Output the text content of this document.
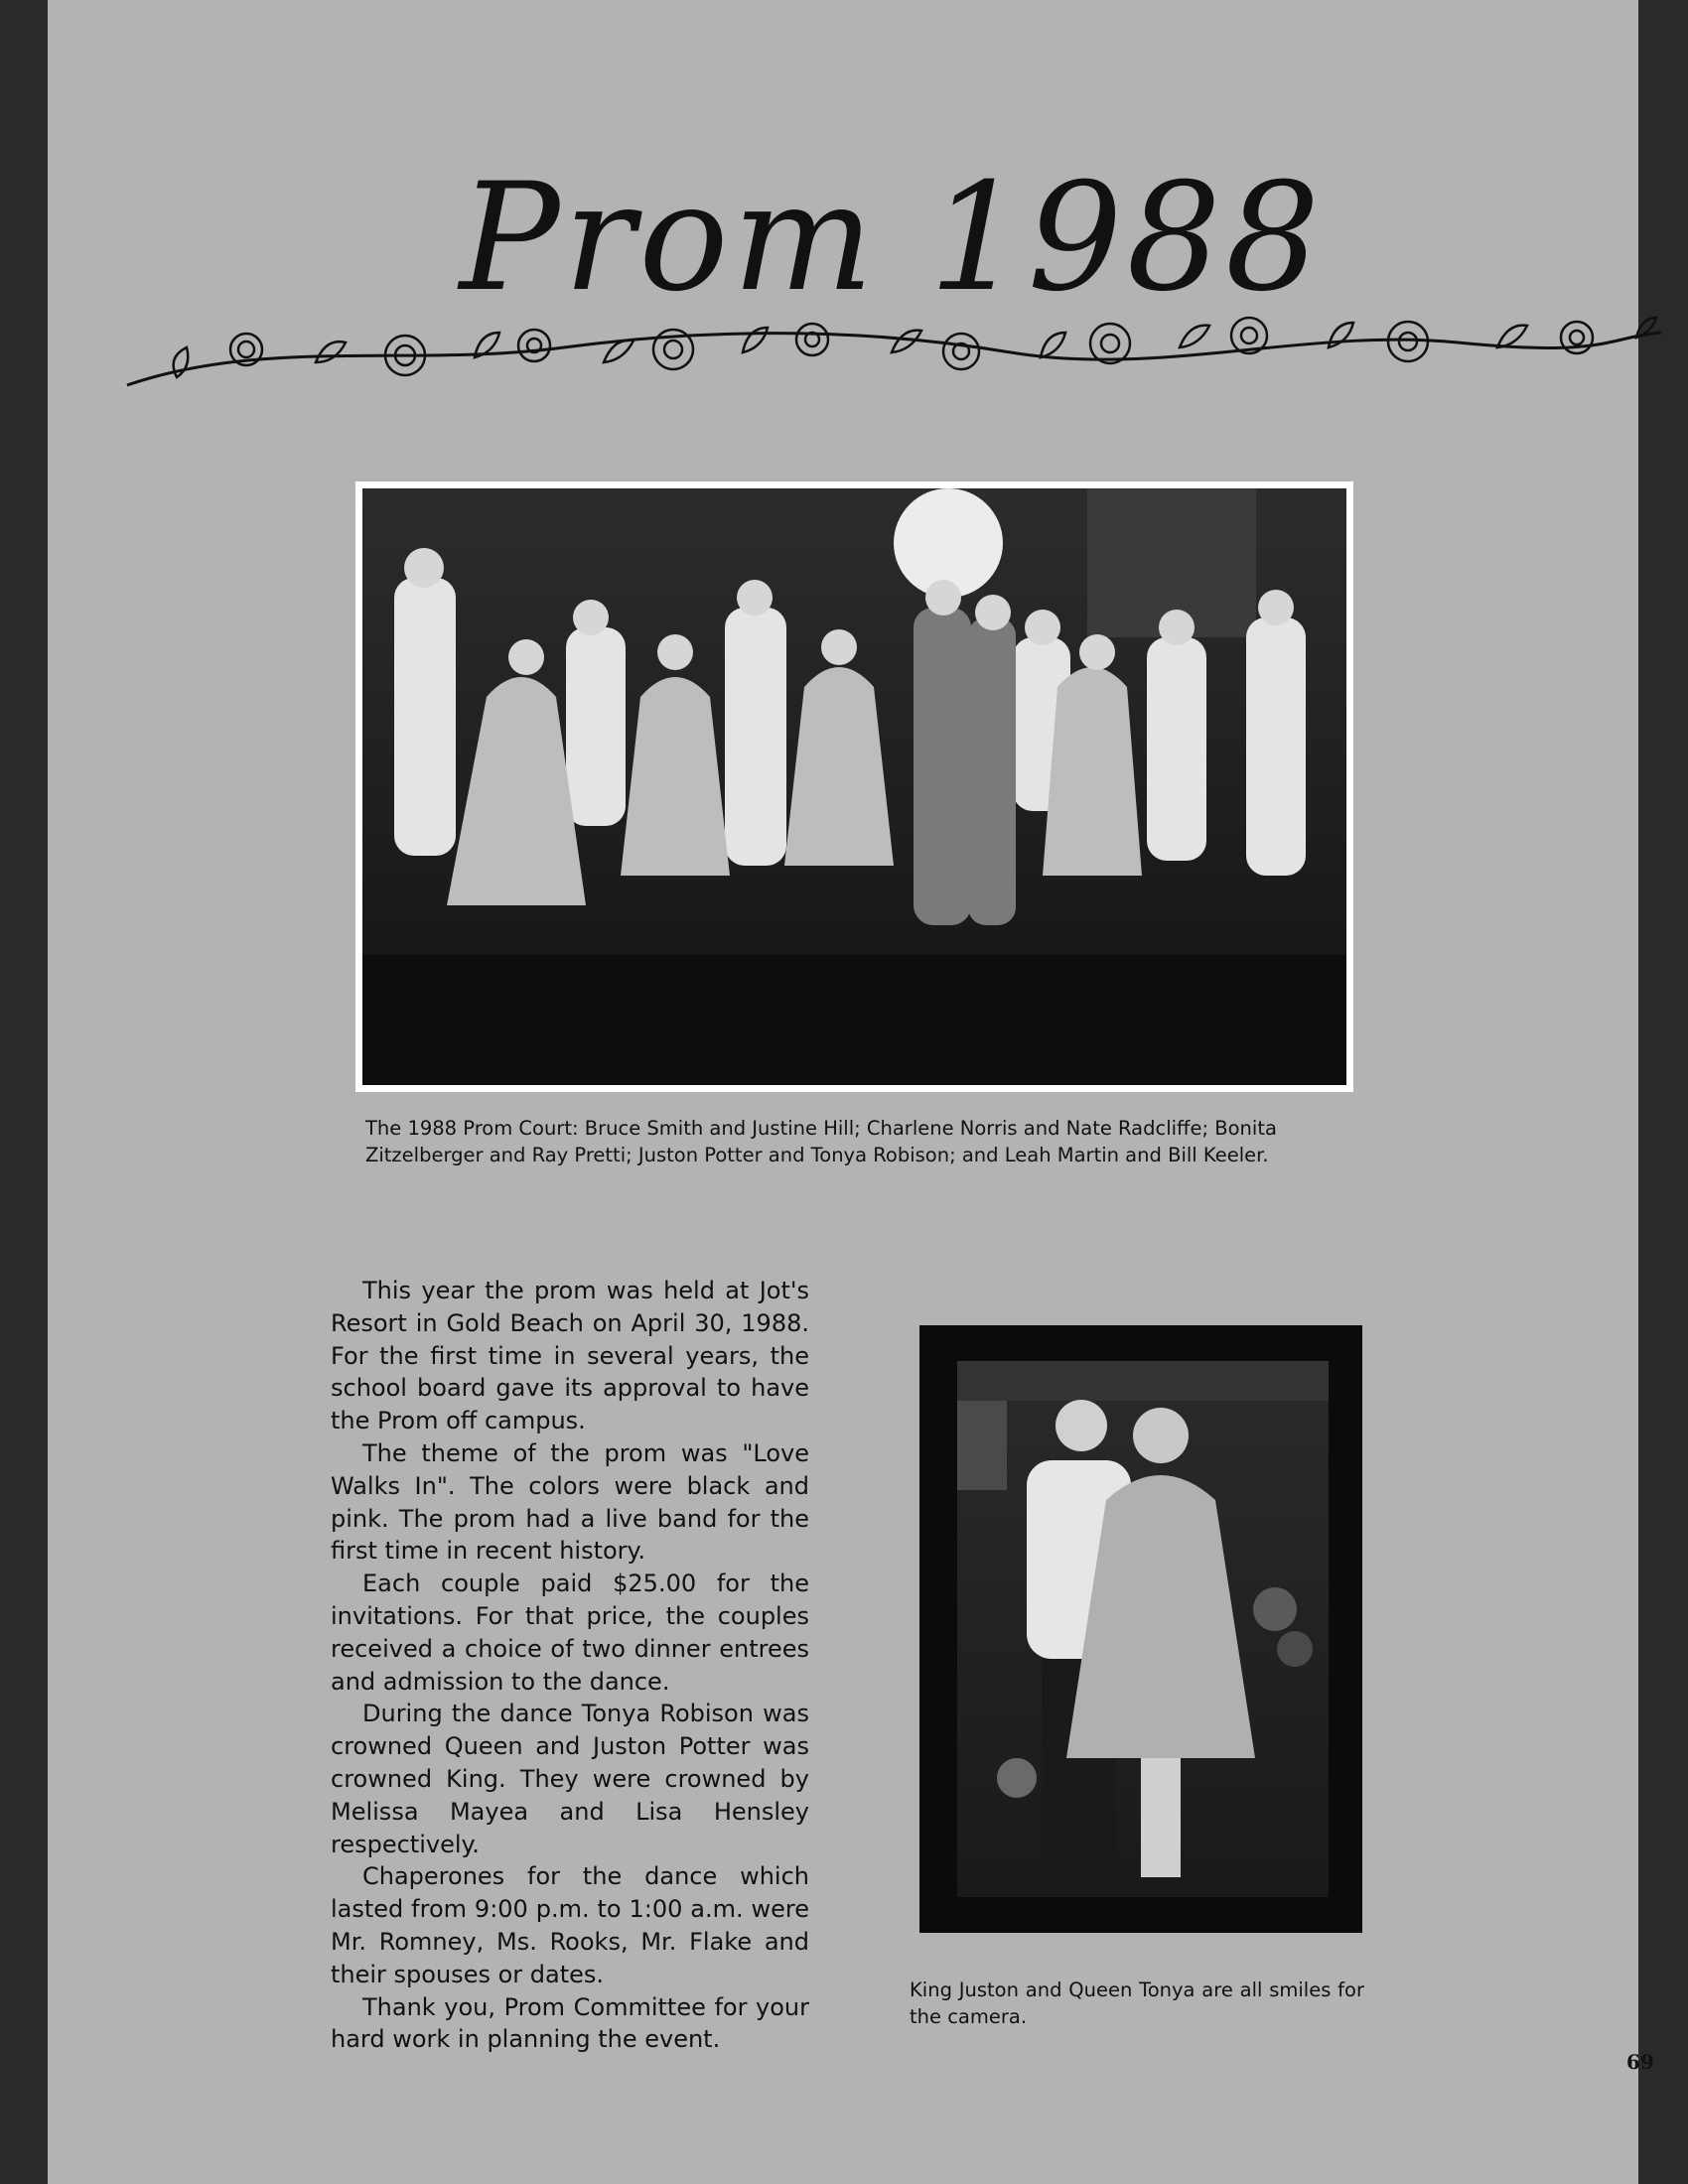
Prom 1988
The 1988 Prom Court: Bruce Smith and Justine Hill; Charlene Norris and Nate Radcliffe; Bonita Zitzelberger and Ray Pretti; Juston Potter and Tonya Robison; and Leah Martin and Bill Keeler.

This year the prom was held at Jot's Resort in Gold Beach on April 30, 1988. For the first time in several years, the school board gave its approval to have the Prom off campus.

The theme of the prom was "Love Walks In". The colors were black and pink. The prom had a live band for the first time in recent history.

Each couple paid $25.00 for the invitations. For that price, the couples received a choice of two dinner entrees and admission to the dance.

During the dance Tonya Robison was crowned Queen and Juston Potter was crowned King. They were crowned by Melissa Mayea and Lisa Hensley respectively.

Chaperones for the dance which lasted from 9:00 p.m. to 1:00 a.m. were Mr. Romney, Ms. Rooks, Mr. Flake and their spouses or dates.

Thank you, Prom Committee for your hard work in planning the event.

King Juston and Queen Tonya are all smiles for the camera.
69
